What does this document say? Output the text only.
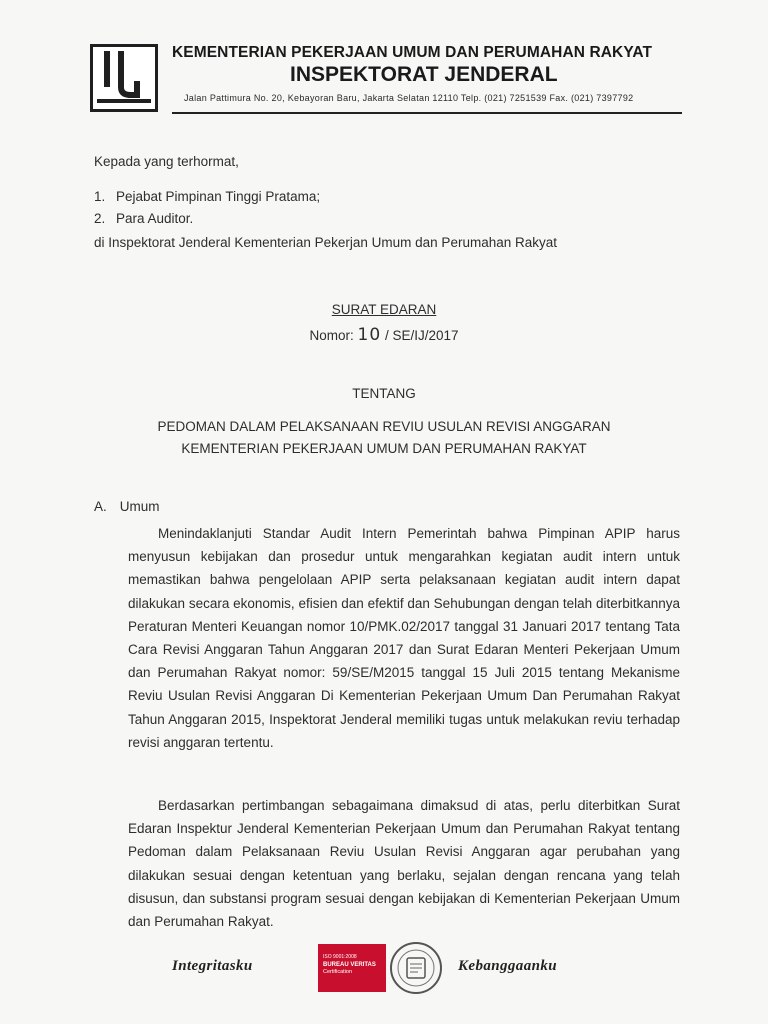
KEMENTERIAN PEKERJAAN UMUM DAN PERUMAHAN RAKYAT
INSPEKTORAT JENDERAL
Jalan Pattimura No. 20, Kebayoran Baru, Jakarta Selatan 12110 Telp. (021) 7251539 Fax. (021) 7397792
Kepada yang terhormat,
1. Pejabat Pimpinan Tinggi Pratama;
2. Para Auditor.
di Inspektorat Jenderal Kementerian Pekerjan Umum dan Perumahan Rakyat
SURAT EDARAN
Nomor: 10 / SE/IJ/2017
TENTANG
PEDOMAN DALAM PELAKSANAAN REVIU USULAN REVISI ANGGARAN
KEMENTERIAN PEKERJAAN UMUM DAN PERUMAHAN RAKYAT
A. Umum

Menindaklanjuti Standar Audit Intern Pemerintah bahwa Pimpinan APIP harus menyusun kebijakan dan prosedur untuk mengarahkan kegiatan audit intern untuk memastikan bahwa pengelolaan APIP serta pelaksanaan kegiatan audit intern dapat dilakukan secara ekonomis, efisien dan efektif dan Sehubungan dengan telah diterbitkannya Peraturan Menteri Keuangan nomor 10/PMK.02/2017 tanggal 31 Januari 2017 tentang Tata Cara Revisi Anggaran Tahun Anggaran 2017 dan Surat Edaran Menteri Pekerjaan Umum dan Perumahan Rakyat nomor: 59/SE/M2015 tanggal 15 Juli 2015 tentang Mekanisme Reviu Usulan Revisi Anggaran Di Kementerian Pekerjaan Umum Dan Perumahan Rakyat Tahun Anggaran 2015, Inspektorat Jenderal memiliki tugas untuk melakukan reviu terhadap revisi anggaran tertentu.

Berdasarkan pertimbangan sebagaimana dimaksud di atas, perlu diterbitkan Surat Edaran Inspektur Jenderal Kementerian Pekerjaan Umum dan Perumahan Rakyat tentang Pedoman dalam Pelaksanaan Reviu Usulan Revisi Anggaran agar perubahan yang dilakukan sesuai dengan ketentuan yang berlaku, sejalan dengan rencana yang telah disusun, dan substansi program sesuai dengan kebijakan di Kementerian Pekerjaan Umum dan Perumahan Rakyat.

Integritasku
ISO 9001:2008
BUREAU VERITAS
Certification	Kebanggaanku
